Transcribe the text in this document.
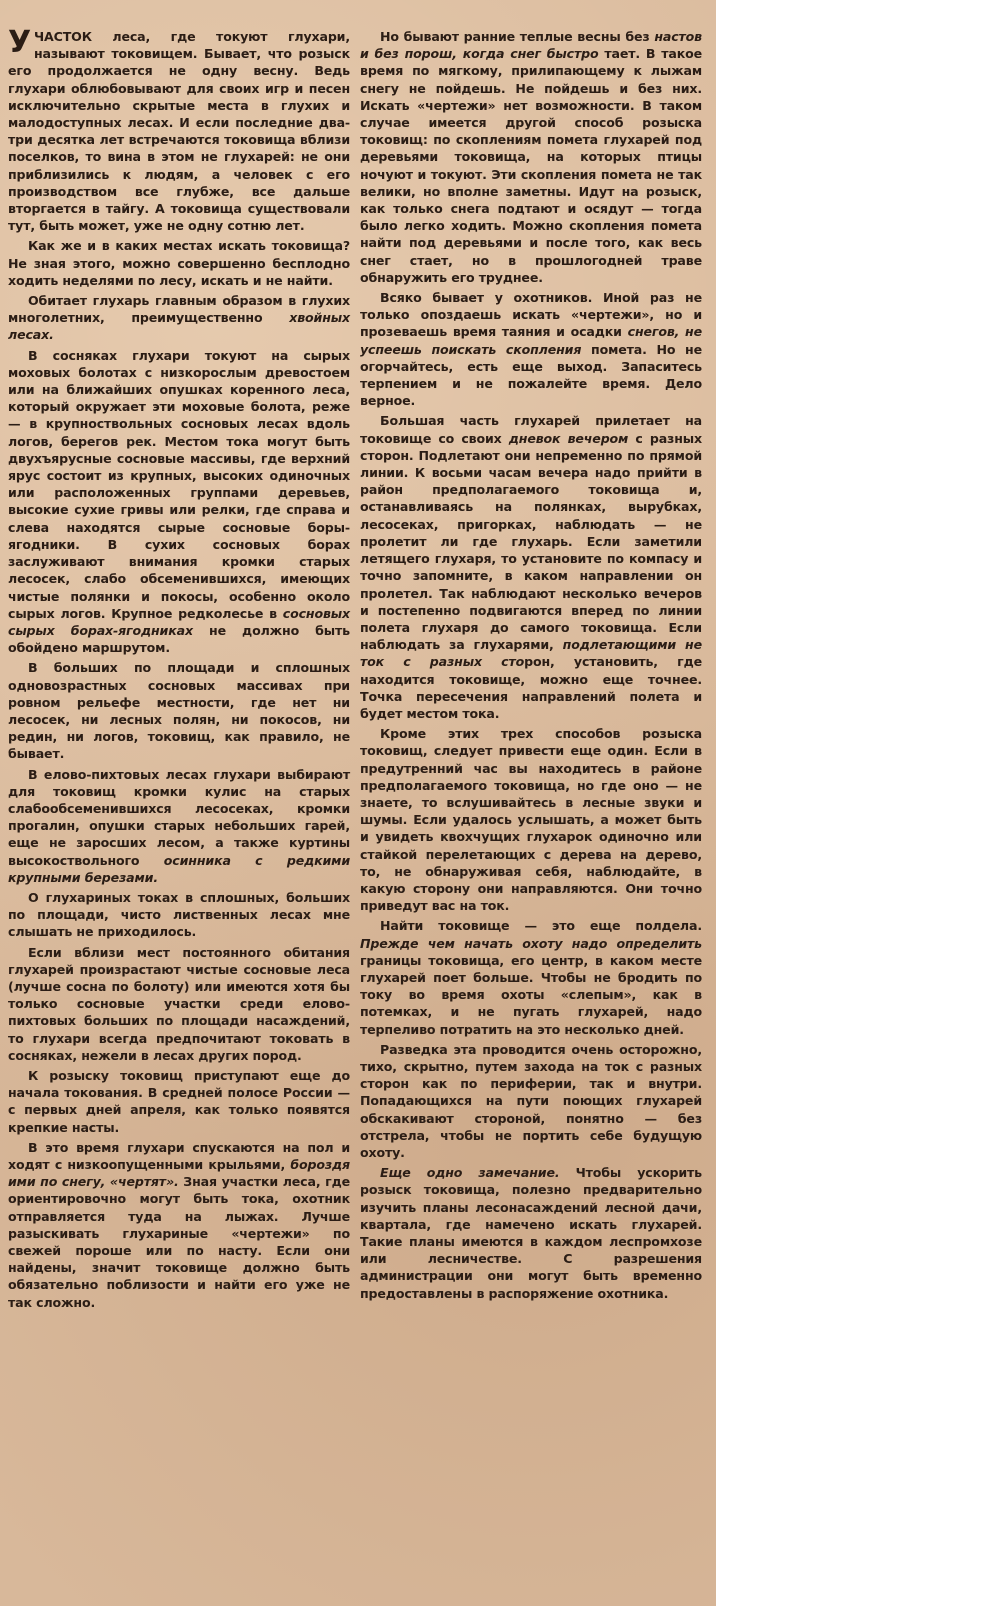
УЧАСТОК леса, где токуют глухари, называют токовищем. Бывает, что розыск его продолжается не одну весну. Ведь глухари облюбовывают для своих игр и песен исключительно скрытые места в глухих и малодоступных лесах. И если последние два-три десятка лет встречаются токовища вблизи поселков, то вина в этом не глухарей: не они приблизились к людям, а человек с его производством все глубже, все дальше вторгается в тайгу. А токовища существовали тут, быть может, уже не одну сотню лет.

Как же и в каких местах искать токовища? Не зная этого, можно совершенно бесплодно ходить неделями по лесу, искать и не найти.

Обитает глухарь главным образом в глухих многолетних, преимущественно хвойных лесах.

В сосняках глухари токуют на сырых моховых болотах с низкорослым древостоем или на ближайших опушках коренного леса, который окружает эти моховые болота, реже — в крупноствольных сосновых лесах вдоль логов, берегов рек. Местом тока могут быть двухъярусные сосновые массивы, где верхний ярус состоит из крупных, высоких одиночных или расположенных группами деревьев, высокие сухие гривы или релки, где справа и слева находятся сырые сосновые боры-ягодники. В сухих сосновых борах заслуживают внимания кромки старых лесосек, слабо обсеменившихся, имеющих чистые полянки и покосы, особенно около сырых логов. Крупное редколесье в сосновых сырых борах-ягодниках не должно быть обойдено маршрутом.

В больших по площади и сплошных одновозрастных сосновых массивах при ровном рельефе местности, где нет ни лесосек, ни лесных полян, ни покосов, ни редин, ни логов, токовищ, как правило, не бывает.

В елово-пихтовых лесах глухари выбирают для токовищ кромки кулис на старых слабообсеменившихся лесосеках, кромки прогалин, опушки старых небольших гарей, еще не заросших лесом, а также куртины высокоствольного осинника с редкими крупными березами.

О глухариных токах в сплошных, больших по площади, чисто лиственных лесах мне слышать не приходилось.

Если вблизи мест постоянного обитания глухарей произрастают чистые сосновые леса (лучше сосна по болоту) или имеются хотя бы только сосновые участки среди елово-пихтовых больших по площади насаждений, то глухари всегда предпочитают токовать в сосняках, нежели в лесах других пород.

К розыску токовищ приступают еще до начала токования. В средней полосе России — с первых дней апреля, как только появятся крепкие насты.

В это время глухари спускаются на пол и ходят с низкоопущенными крыльями, бороздя ими по снегу, «чертят». Зная участки леса, где ориентировочно могут быть тока, охотник отправляется туда на лыжах. Лучше разыскивать глухариные «чертежи» по свежей пороше или по насту. Если они найдены, значит токовище должно быть обязательно поблизости и найти его уже не так сложно.

Но бывают ранние теплые весны без настов и без порош, когда снег быстро тает. В такое время по мягкому, прилипающему к лыжам снегу не пойдешь. Не пойдешь и без них. Искать «чертежи» нет возможности. В таком случае имеется другой способ розыска токовищ: по скоплениям помета глухарей под деревьями токовища, на которых птицы ночуют и токуют. Эти скопления помета не так велики, но вполне заметны. Идут на розыск, как только снега подтают и осядут — тогда было легко ходить. Можно скопления помета найти под деревьями и после того, как весь снег стает, но в прошлогодней траве обнаружить его труднее.

Всяко бывает у охотников. Иной раз не только опоздаешь искать «чертежи», но и прозеваешь время таяния и осадки снегов, не успеешь поискать скопления помета. Но не огорчайтесь, есть еще выход. Запаситесь терпением и не пожалейте время. Дело верное.

Большая часть глухарей прилетает на токовище со своих дневок вечером с разных сторон. Подлетают они непременно по прямой линии. К восьми часам вечера надо прийти в район предполагаемого токовища и, останавливаясь на полянках, вырубках, лесосеках, пригорках, наблюдать — не пролетит ли где глухарь. Если заметили летящего глухаря, то установите по компасу и точно запомните, в каком направлении он пролетел. Так наблюдают несколько вечеров и постепенно подвигаются вперед по линии полета глухаря до самого токовища. Если наблюдать за глухарями, подлетающими не ток с разных сторон, установить, где находится токовище, можно еще точнее. Точка пересечения направлений полета и будет местом тока.

Кроме этих трех способов розыска токовищ, следует привести еще один. Если в предутренний час вы находитесь в районе предполагаемого токовища, но где оно — не знаете, то вслушивайтесь в лесные звуки и шумы. Если удалось услышать, а может быть и увидеть квохчущих глухарок одиночно или стайкой перелетающих с дерева на дерево, то, не обнаруживая себя, наблюдайте, в какую сторону они направляются. Они точно приведут вас на ток.

Найти токовище — это еще полдела. Прежде чем начать охоту надо определить границы токовища, его центр, в каком месте глухарей поет больше. Чтобы не бродить по току во время охоты «слепым», как в потемках, и не пугать глухарей, надо терпеливо потратить на это несколько дней.

Разведка эта проводится очень осторожно, тихо, скрытно, путем захода на ток с разных сторон как по периферии, так и внутри. Попадающихся на пути поющих глухарей обскакивают стороной, понятно — без отстрела, чтобы не портить себе будущую охоту.

Еще одно замечание. Чтобы ускорить розыск токовища, полезно предварительно изучить планы лесонасаждений лесной дачи, квартала, где намечено искать глухарей. Такие планы имеются в каждом леспромхозе или лесничестве. С разрешения администрации они могут быть временно предоставлены в распоряжение охотника.
